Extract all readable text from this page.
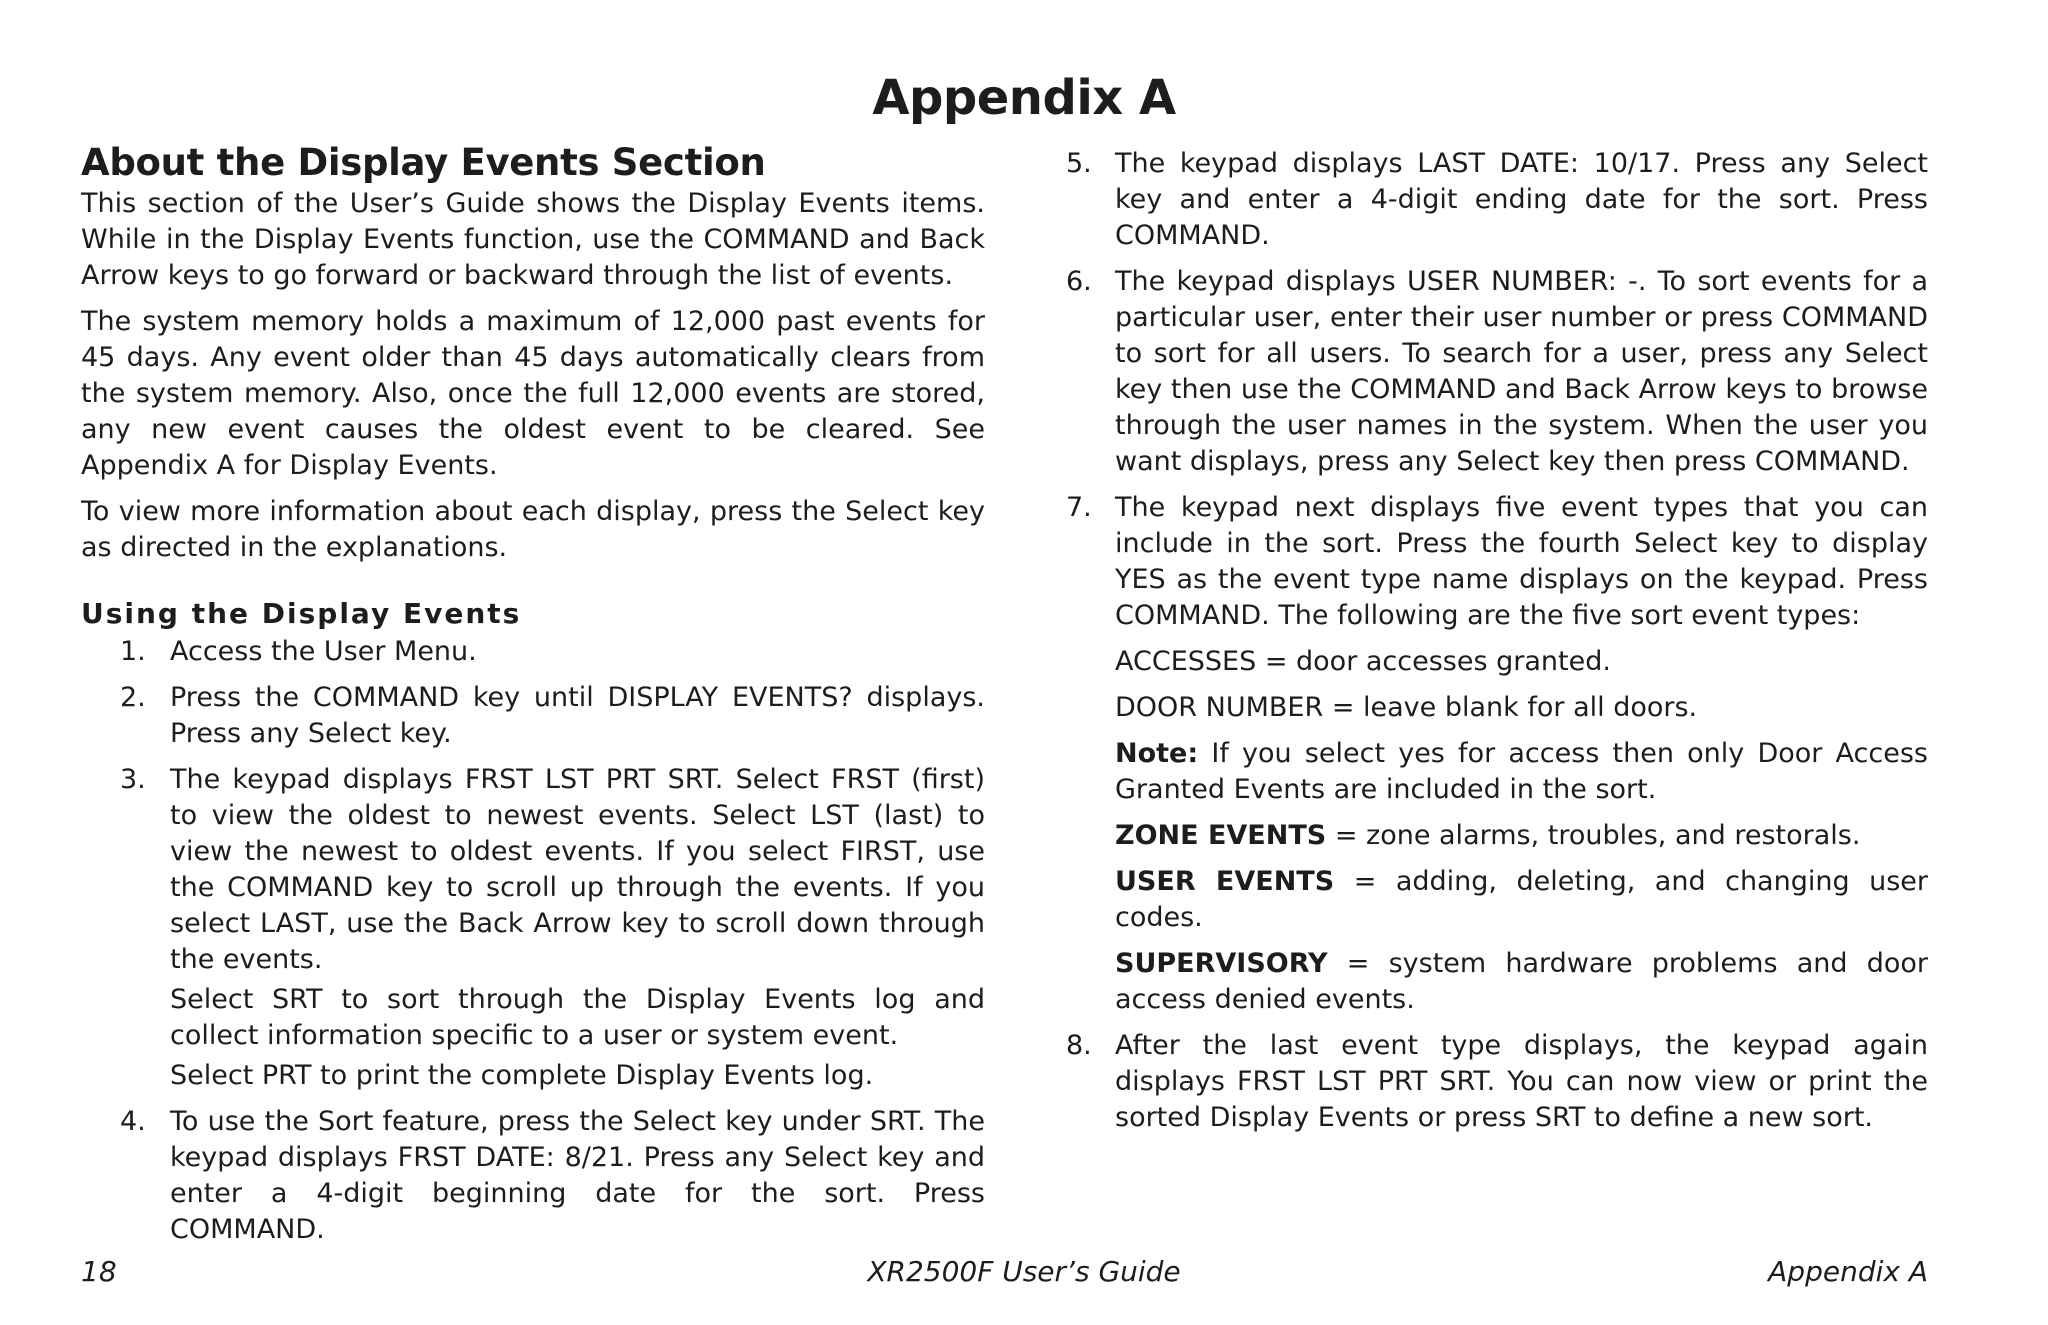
Appendix A
About the Display Events Section

This section of the User’s Guide shows the Display Events items. While in the Display Events function, use the COMMAND and Back Arrow keys to go forward or backward through the list of events.

The system memory holds a maximum of 12,000 past events for 45 days. Any event older than 45 days automatically clears from the system memory. Also, once the full 12,000 events are stored, any new event causes the oldest event to be cleared. See Appendix A for Display Events.

To view more information about each display, press the Select key as directed in the explanations.

Using the Display Events
1. Access the User Menu.
2. Press the COMMAND key until DISPLAY EVENTS? displays. Press any Select key.
3. The keypad displays FRST LST PRT SRT. Select FRST (first) to view the oldest to newest events. Select LST (last) to view the newest to oldest events. If you select FIRST, use the COMMAND key to scroll up through the events. If you select LAST, use the Back Arrow key to scroll down through the events.
Select SRT to sort through the Display Events log and collect information specific to a user or system event.
Select PRT to print the complete Display Events log.
4. To use the Sort feature, press the Select key under SRT. The keypad displays FRST DATE: 8/21. Press any Select key and enter a 4-digit beginning date for the sort. Press COMMAND.
5. The keypad displays LAST DATE: 10/17. Press any Select key and enter a 4-digit ending date for the sort. Press COMMAND.
6. The keypad displays USER NUMBER: -. To sort events for a particular user, enter their user number or press COMMAND to sort for all users. To search for a user, press any Select key then use the COMMAND and Back Arrow keys to browse through the user names in the system. When the user you want displays, press any Select key then press COMMAND.
7. The keypad next displays five event types that you can include in the sort. Press the fourth Select key to display YES as the event type name displays on the keypad. Press COMMAND. The following are the five sort event types:
ACCESSES = door accesses granted.
DOOR NUMBER = leave blank for all doors.
Note: If you select yes for access then only Door Access Granted Events are included in the sort.
ZONE EVENTS = zone alarms, troubles, and restorals.
USER EVENTS = adding, deleting, and changing user codes.
SUPERVISORY = system hardware problems and door access denied events.
8. After the last event type displays, the keypad again displays FRST LST PRT SRT. You can now view or print the sorted Display Events or press SRT to define a new sort.
18	XR2500F User’s Guide	Appendix A
